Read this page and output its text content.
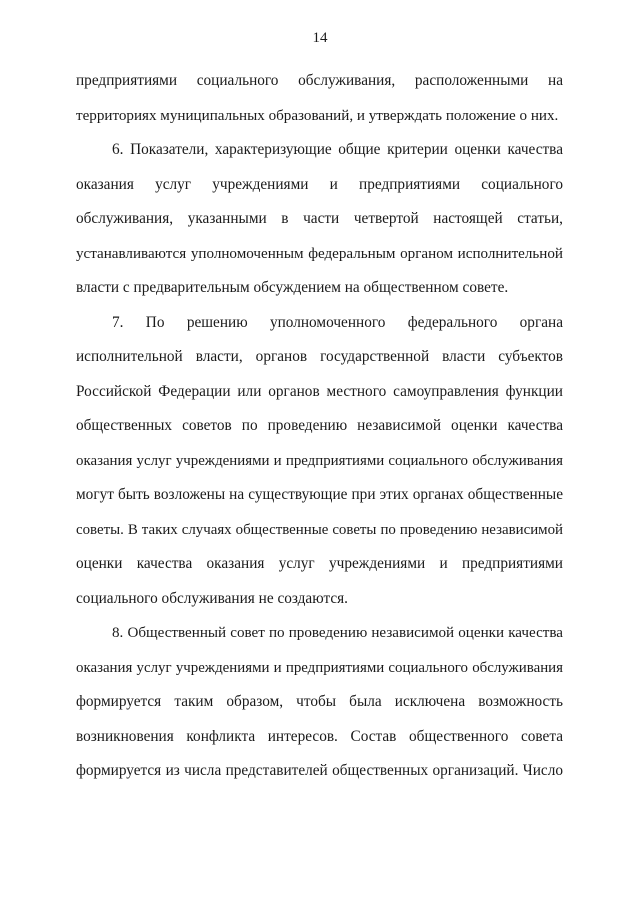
14
предприятиями социального обслуживания, расположенными на
территориях муниципальных образований, и утверждать положение о них.
6. Показатели, характеризующие общие критерии оценки качества
оказания услуг учреждениями и предприятиями социального
обслуживания, указанными в части четвертой настоящей статьи,
устанавливаются уполномоченным федеральным органом исполнительной
власти с предварительным обсуждением на общественном совете.
7. По решению уполномоченного федерального органа
исполнительной власти, органов государственной власти субъектов
Российской Федерации или органов местного самоуправления функции
общественных советов по проведению независимой оценки качества
оказания услуг учреждениями и предприятиями социального обслуживания
могут быть возложены на существующие при этих органах общественные
советы. В таких случаях общественные советы по проведению независимой
оценки качества оказания услуг учреждениями и предприятиями
социального обслуживания не создаются.
8. Общественный совет по проведению независимой оценки качества
оказания услуг учреждениями и предприятиями социального обслуживания
формируется таким образом, чтобы была исключена возможность
возникновения конфликта интересов. Состав общественного совета
формируется из числа представителей общественных организаций. Число
